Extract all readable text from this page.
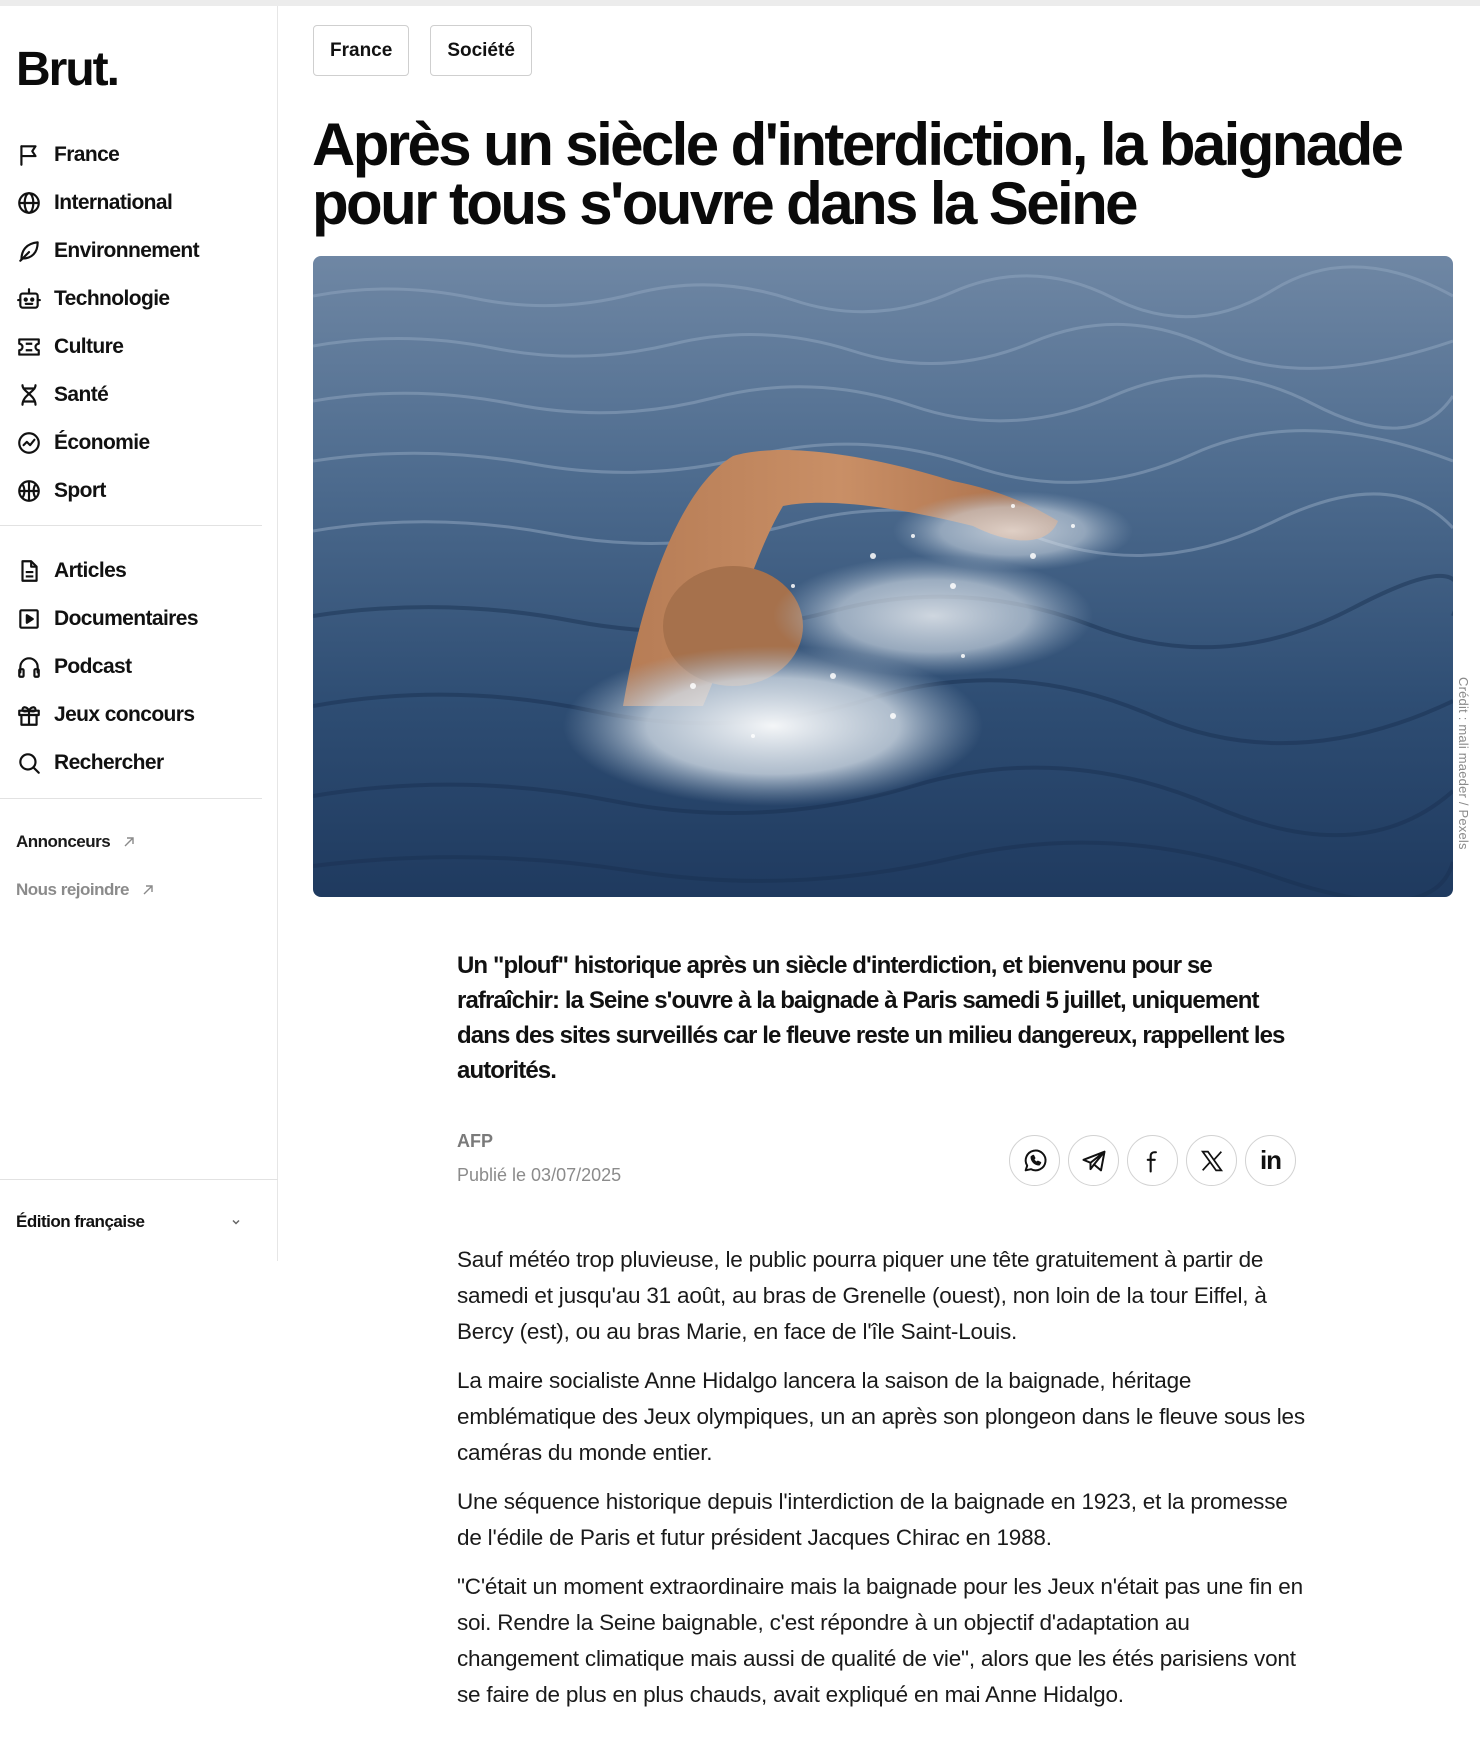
Brut.
France
International
Environnement
Technologie
Culture
Santé
Économie
Sport
Articles
Documentaires
Podcast
Jeux concours
Rechercher
Annonceurs
Nous rejoindre
Édition française
France	Société
Après un siècle d'interdiction, la baignade pour tous s'ouvre dans la Seine
Crédit : mali maeder / Pexels

Un "plouf" historique après un siècle d'interdiction, et bienvenu pour se rafraîchir: la Seine s'ouvre à la baignade à Paris samedi 5 juillet, uniquement dans des sites surveillés car le fleuve reste un milieu dangereux, rappellent les autorités.

AFP
Publié le 03/07/2025	in

Sauf météo trop pluvieuse, le public pourra piquer une tête gratuitement à partir de samedi et jusqu'au 31 août, au bras de Grenelle (ouest), non loin de la tour Eiffel, à Bercy (est), ou au bras Marie, en face de l'île Saint-Louis.

La maire socialiste Anne Hidalgo lancera la saison de la baignade, héritage emblématique des Jeux olympiques, un an après son plongeon dans le fleuve sous les caméras du monde entier.

Une séquence historique depuis l'interdiction de la baignade en 1923, et la promesse de l'édile de Paris et futur président Jacques Chirac en 1988.

"C'était un moment extraordinaire mais la baignade pour les Jeux n'était pas une fin en soi. Rendre la Seine baignable, c'est répondre à un objectif d'adaptation au changement climatique mais aussi de qualité de vie", alors que les étés parisiens vont se faire de plus en plus chauds, avait expliqué en mai Anne Hidalgo.
